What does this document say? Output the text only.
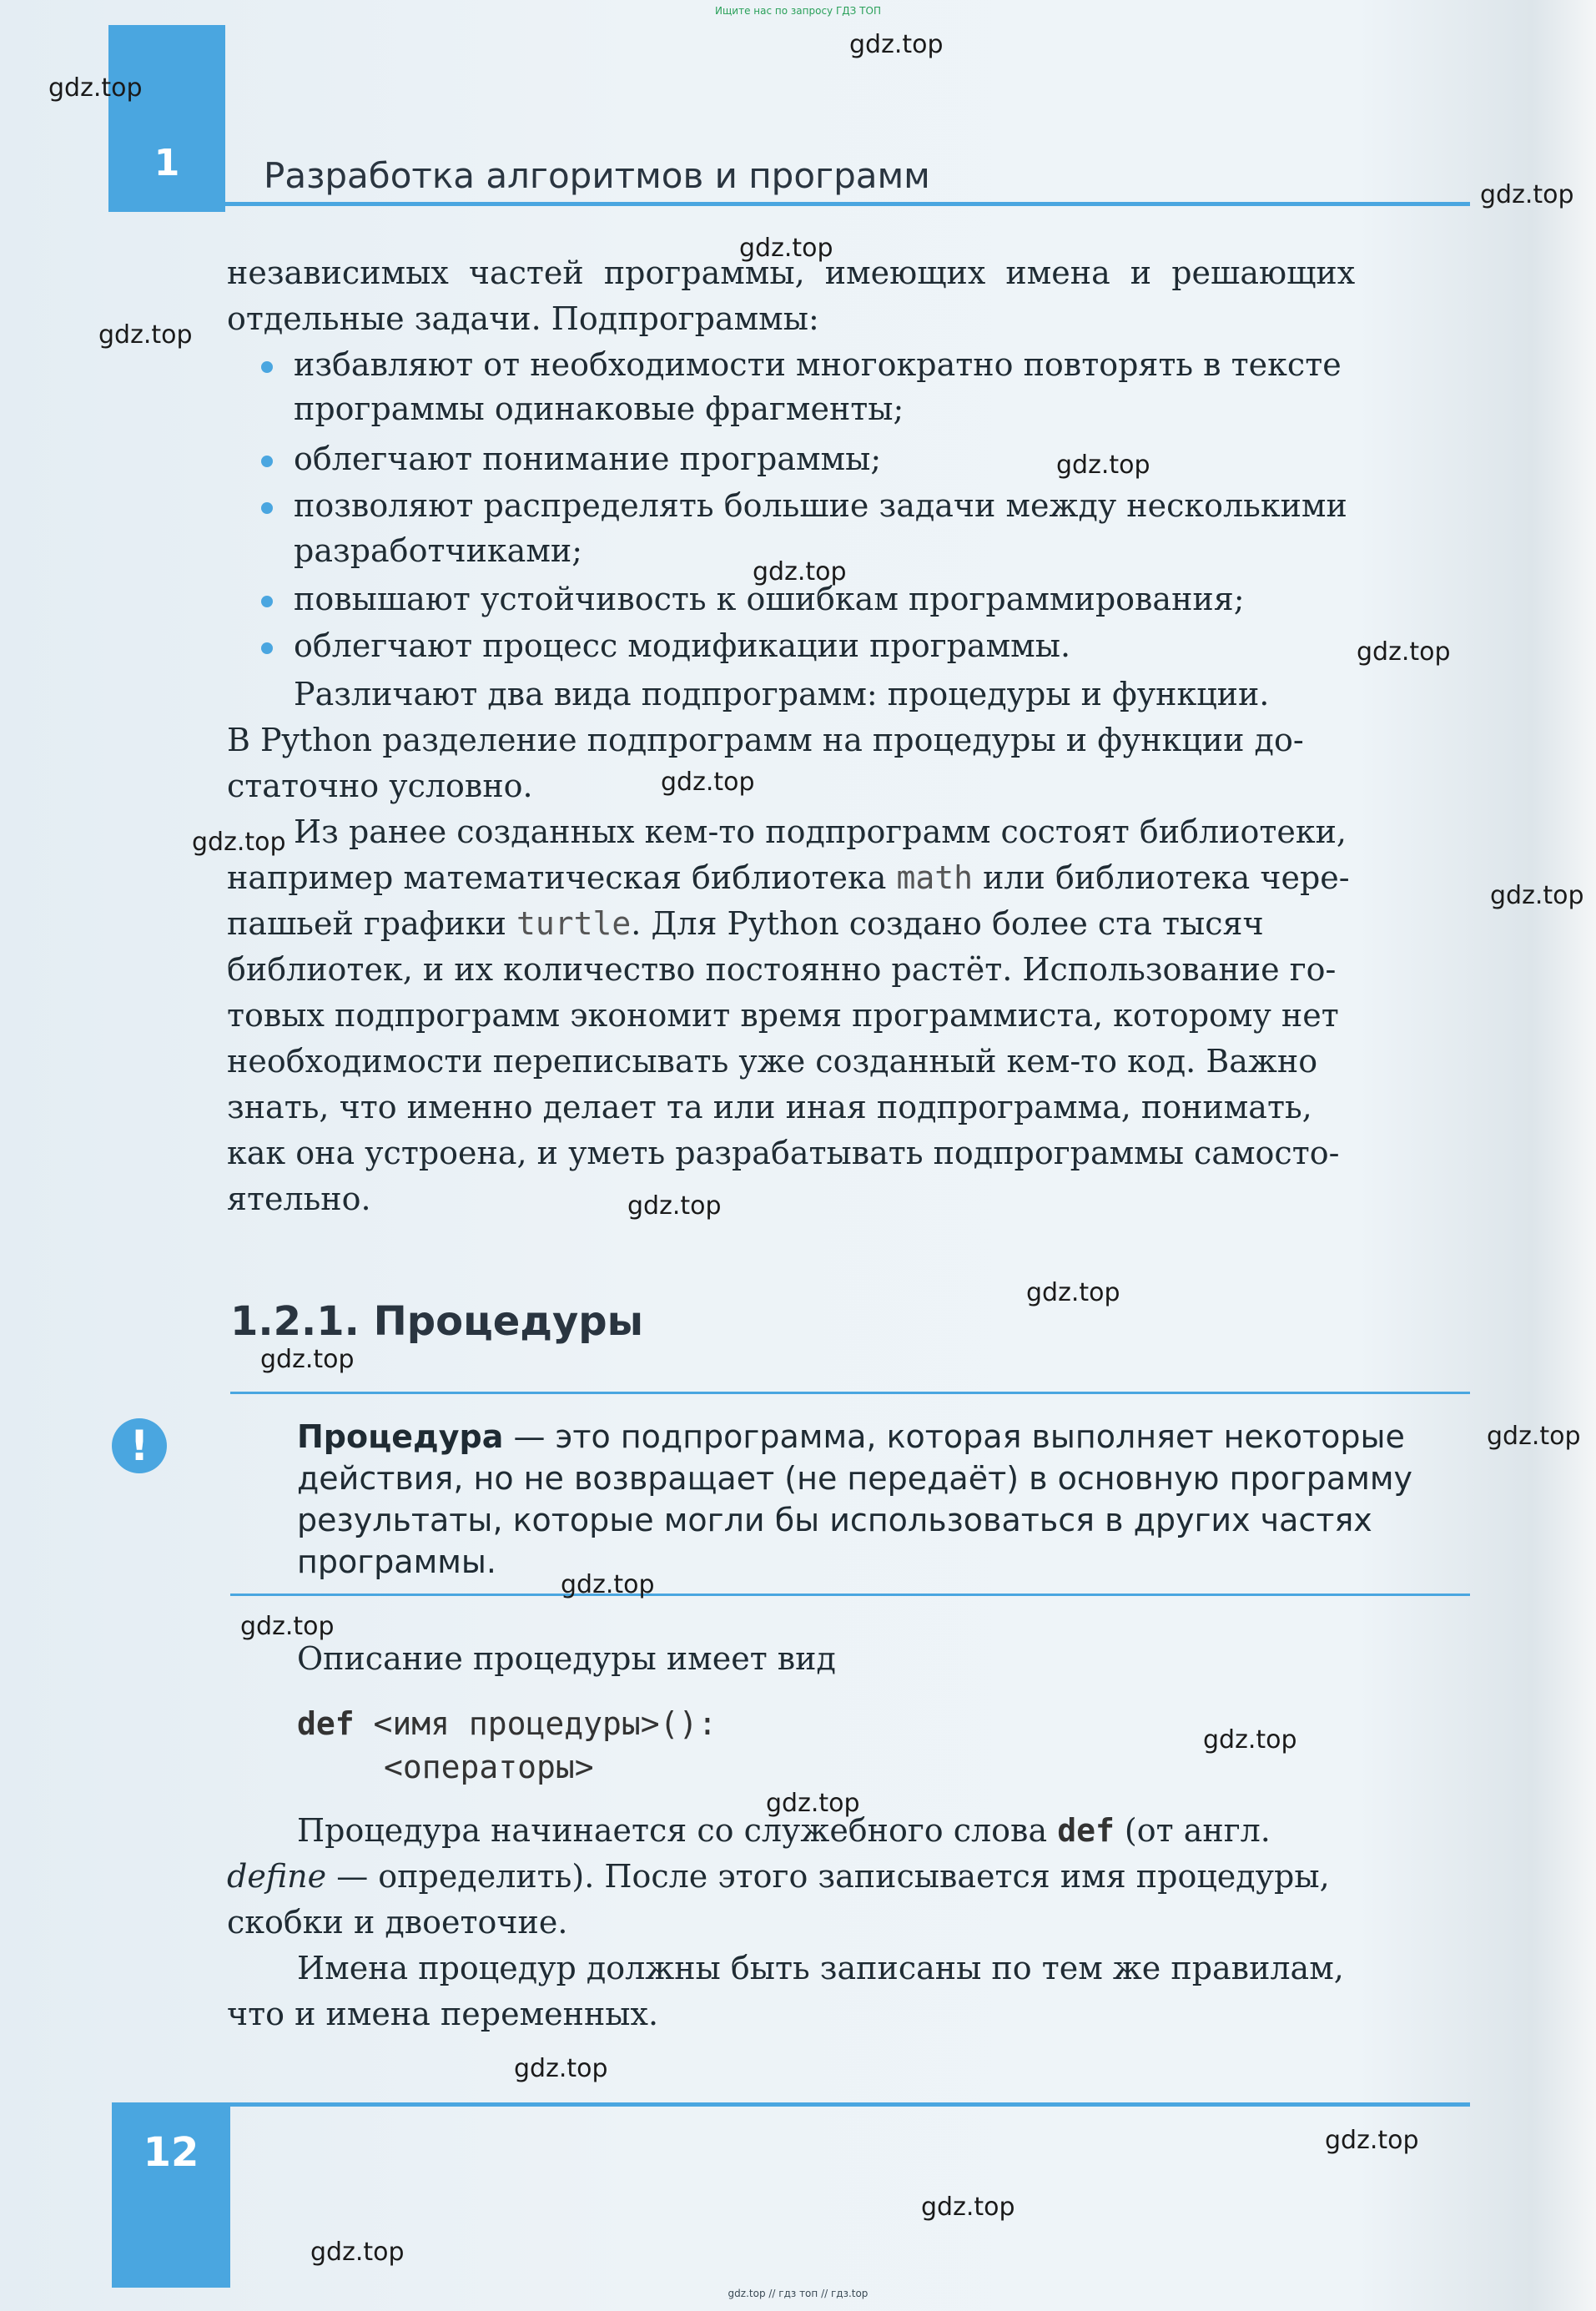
Ищите нас по запросу ГДЗ ТОП
1	Разработка алгоритмов и программ
независимых частей программы, имеющих имена и решающих
отдельные задачи. Подпрограммы:
избавляют от необходимости многократно повторять в тексте
программы одинаковые фрагменты;
облегчают понимание программы;
позволяют распределять большие задачи между несколькими
разработчиками;
повышают устойчивость к ошибкам программирования;
облегчают процесс модификации программы.
Различают два вида подпрограмм: процедуры и функции.
В Python разделение подпрограмм на процедуры и функции до-
статочно условно.
Из ранее созданных кем-то подпрограмм состоят библиотеки,
например математическая библиотека math или библиотека чере-
пашьей графики turtle. Для Python создано более ста тысяч
библиотек, и их количество постоянно растёт. Использование го-
товых подпрограмм экономит время программиста, которому нет
необходимости переписывать уже созданный кем-то код. Важно
знать, что именно делает та или иная подпрограмма, понимать,
как она устроена, и уметь разрабатывать подпрограммы самосто-
ятельно.
1.2.1. Процедуры
!	Процедура — это подпрограмма, которая выполняет некоторые
действия, но не возвращает (не передаёт) в основную программу
результаты, которые могли бы использоваться в других частях
программы.
Описание процедуры имеет вид
def <имя процедуры>():
<операторы>
Процедура начинается со служебного слова def (от англ.
define — определить). После этого записывается имя процедуры,
скобки и двоеточие.
Имена процедур должны быть записаны по тем же правилам,
что и имена переменных.
12
gdz.top
gdz.top
gdz.top
gdz.top
gdz.top
gdz.top
gdz.top
gdz.top
gdz.top
gdz.top
gdz.top
gdz.top
gdz.top
gdz.top
gdz.top
gdz.top
gdz.top
gdz.top
gdz.top
gdz.top
gdz.top
gdz.top
gdz.top
gdz.top // гдз топ // гдз.top
